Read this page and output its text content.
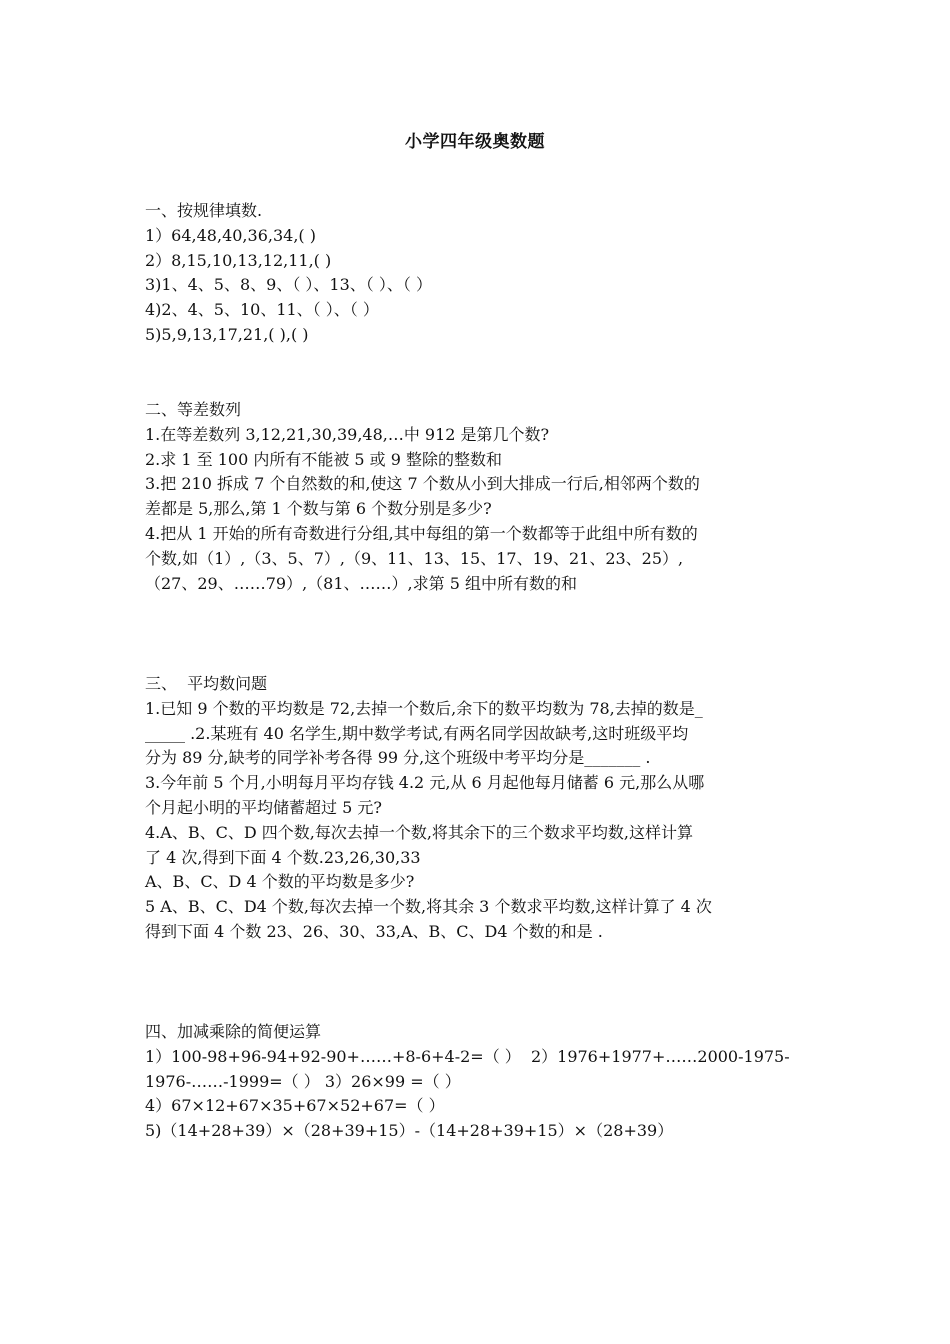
小学四年级奥数题
一、按规律填数.
1）64,48,40,36,34,( )
2）8,15,10,13,12,11,( )
3)1、4、5、8、9、（ ）、13、（ ）、（ ）
4)2、4、5、10、11、（ ）、（ ）
5)5,9,13,17,21,( ),( )
二、等差数列
1.在等差数列 3,12,21,30,39,48,…中 912 是第几个数?
2.求 1 至 100 内所有不能被 5 或 9 整除的整数和
3.把 210 拆成 7 个自然数的和,使这 7 个数从小到大排成一行后,相邻两个数的
差都是 5,那么,第 1 个数与第 6 个数分别是多少?
4.把从 1 开始的所有奇数进行分组,其中每组的第一个数都等于此组中所有数的
个数,如（1）,（3、5、7）,（9、11、13、15、17、19、21、23、25）,
（27、29、……79）,（81、……）,求第 5 组中所有数的和
三、  平均数问题
1.已知 9 个数的平均数是 72,去掉一个数后,余下的数平均数为 78,去掉的数是_
_____ .2.某班有 40 名学生,期中数学考试,有两名同学因故缺考,这时班级平均
分为 89 分,缺考的同学补考各得 99 分,这个班级中考平均分是_______ .
3.今年前 5 个月,小明每月平均存钱 4.2 元,从 6 月起他每月储蓄 6 元,那么从哪
个月起小明的平均储蓄超过 5 元?
4.A、B、C、D 四个数,每次去掉一个数,将其余下的三个数求平均数,这样计算
了 4 次,得到下面 4 个数.23,26,30,33
A、B、C、D 4 个数的平均数是多少?
5 A、B、C、D4 个数,每次去掉一个数,将其余 3 个数求平均数,这样计算了 4 次
得到下面 4 个数 23、26、30、33,A、B、C、D4 个数的和是 .
四、加减乘除的简便运算
1）100-98+96-94+92-90+……+8-6+4-2=（ ）  2）1976+1977+……2000-1975-
1976-……-1999=（ ） 3）26×99 =（ ）
4）67×12+67×35+67×52+67=（ ）
5)（14+28+39）×（28+39+15）-（14+28+39+15）×（28+39）
